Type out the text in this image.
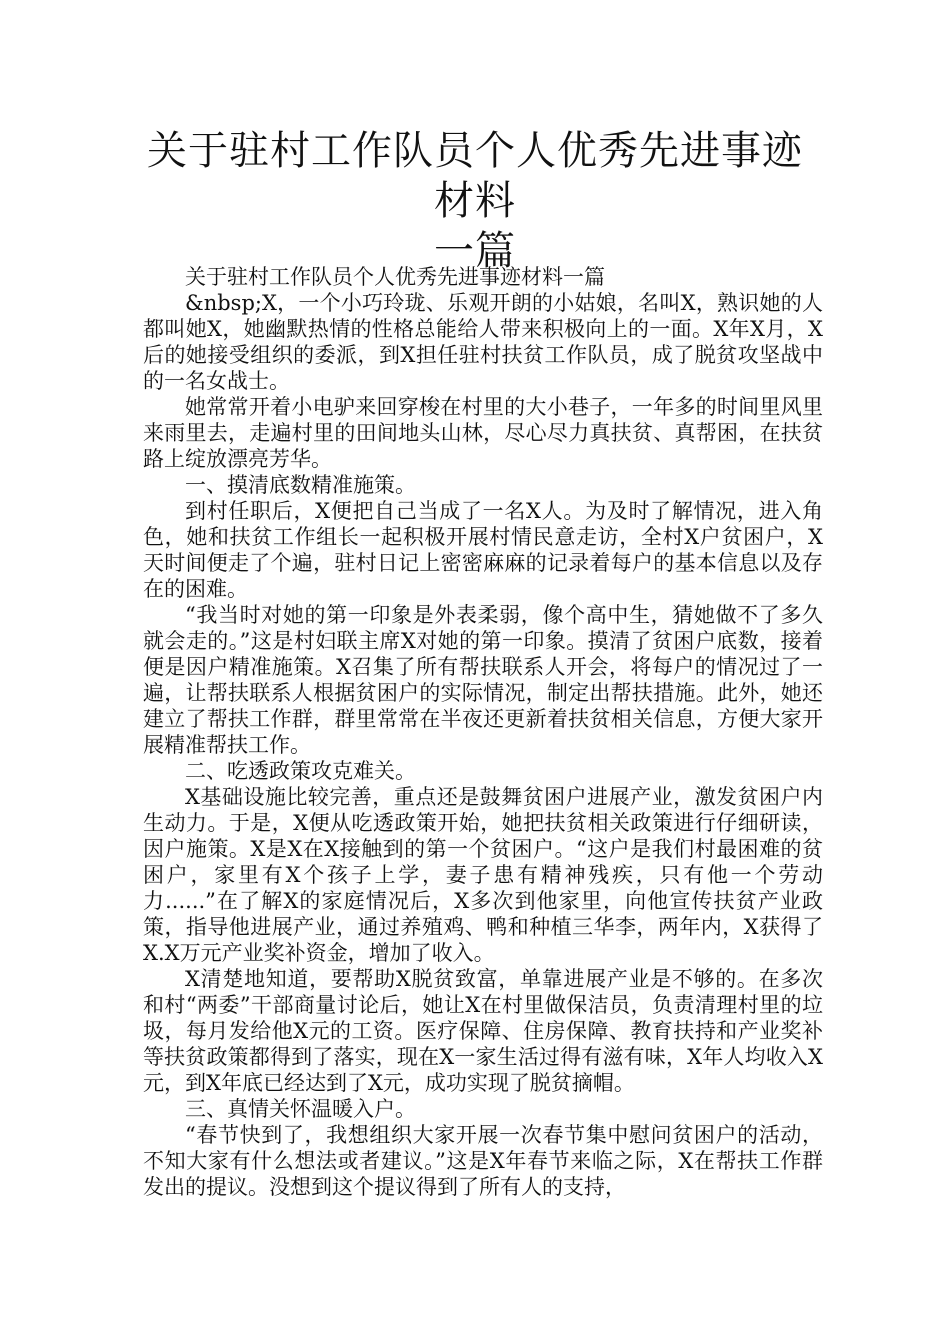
关于驻村工作队员个人优秀先进事迹材料
一篇

关于驻村工作队员个人优秀先进事迹材料一篇

&nbsp;X，一个小巧玲珑、乐观开朗的小姑娘，名叫X，熟识她的人都叫她X，她幽默热情的性格总能给人带来积极向上的一面。X年X月，X后的她接受组织的委派，到X担任驻村扶贫工作队员，成了脱贫攻坚战中的一名女战士。

她常常开着小电驴来回穿梭在村里的大小巷子，一年多的时间里风里来雨里去，走遍村里的田间地头山林，尽心尽力真扶贫、真帮困，在扶贫路上绽放漂亮芳华。

一、摸清底数精准施策。

到村任职后，X便把自己当成了一名X人。为及时了解情况，进入角色，她和扶贫工作组长一起积极开展村情民意走访，全村X户贫困户，X天时间便走了个遍，驻村日记上密密麻麻的记录着每户的基本信息以及存在的困难。

“我当时对她的第一印象是外表柔弱，像个高中生，猜她做不了多久就会走的。”这是村妇联主席X对她的第一印象。摸清了贫困户底数，接着便是因户精准施策。X召集了所有帮扶联系人开会，将每户的情况过了一遍，让帮扶联系人根据贫困户的实际情况，制定出帮扶措施。此外，她还建立了帮扶工作群，群里常常在半夜还更新着扶贫相关信息，方便大家开展精准帮扶工作。

二、吃透政策攻克难关。

X基础设施比较完善，重点还是鼓舞贫困户进展产业，激发贫困户内生动力。于是，X便从吃透政策开始，她把扶贫相关政策进行仔细研读，因户施策。X是X在X接触到的第一个贫困户。“这户是我们村最困难的贫困户，家里有X个孩子上学，妻子患有精神残疾，只有他一个劳动力......”在了解X的家庭情况后，X多次到他家里，向他宣传扶贫产业政策，指导他进展产业，通过养殖鸡、鸭和种植三华李，两年内，X获得了X.X万元产业奖补资金，增加了收入。

X清楚地知道，要帮助X脱贫致富，单靠进展产业是不够的。在多次和村“两委”干部商量讨论后，她让X在村里做保洁员，负责清理村里的垃圾，每月发给他X元的工资。医疗保障、住房保障、教育扶持和产业奖补等扶贫政策都得到了落实，现在X一家生活过得有滋有味，X年人均收入X元，到X年底已经达到了X元，成功实现了脱贫摘帽。

三、真情关怀温暖入户。

“春节快到了，我想组织大家开展一次春节集中慰问贫困户的活动，不知大家有什么想法或者建议。”这是X年春节来临之际，X在帮扶工作群发出的提议。没想到这个提议得到了所有人的支持，
